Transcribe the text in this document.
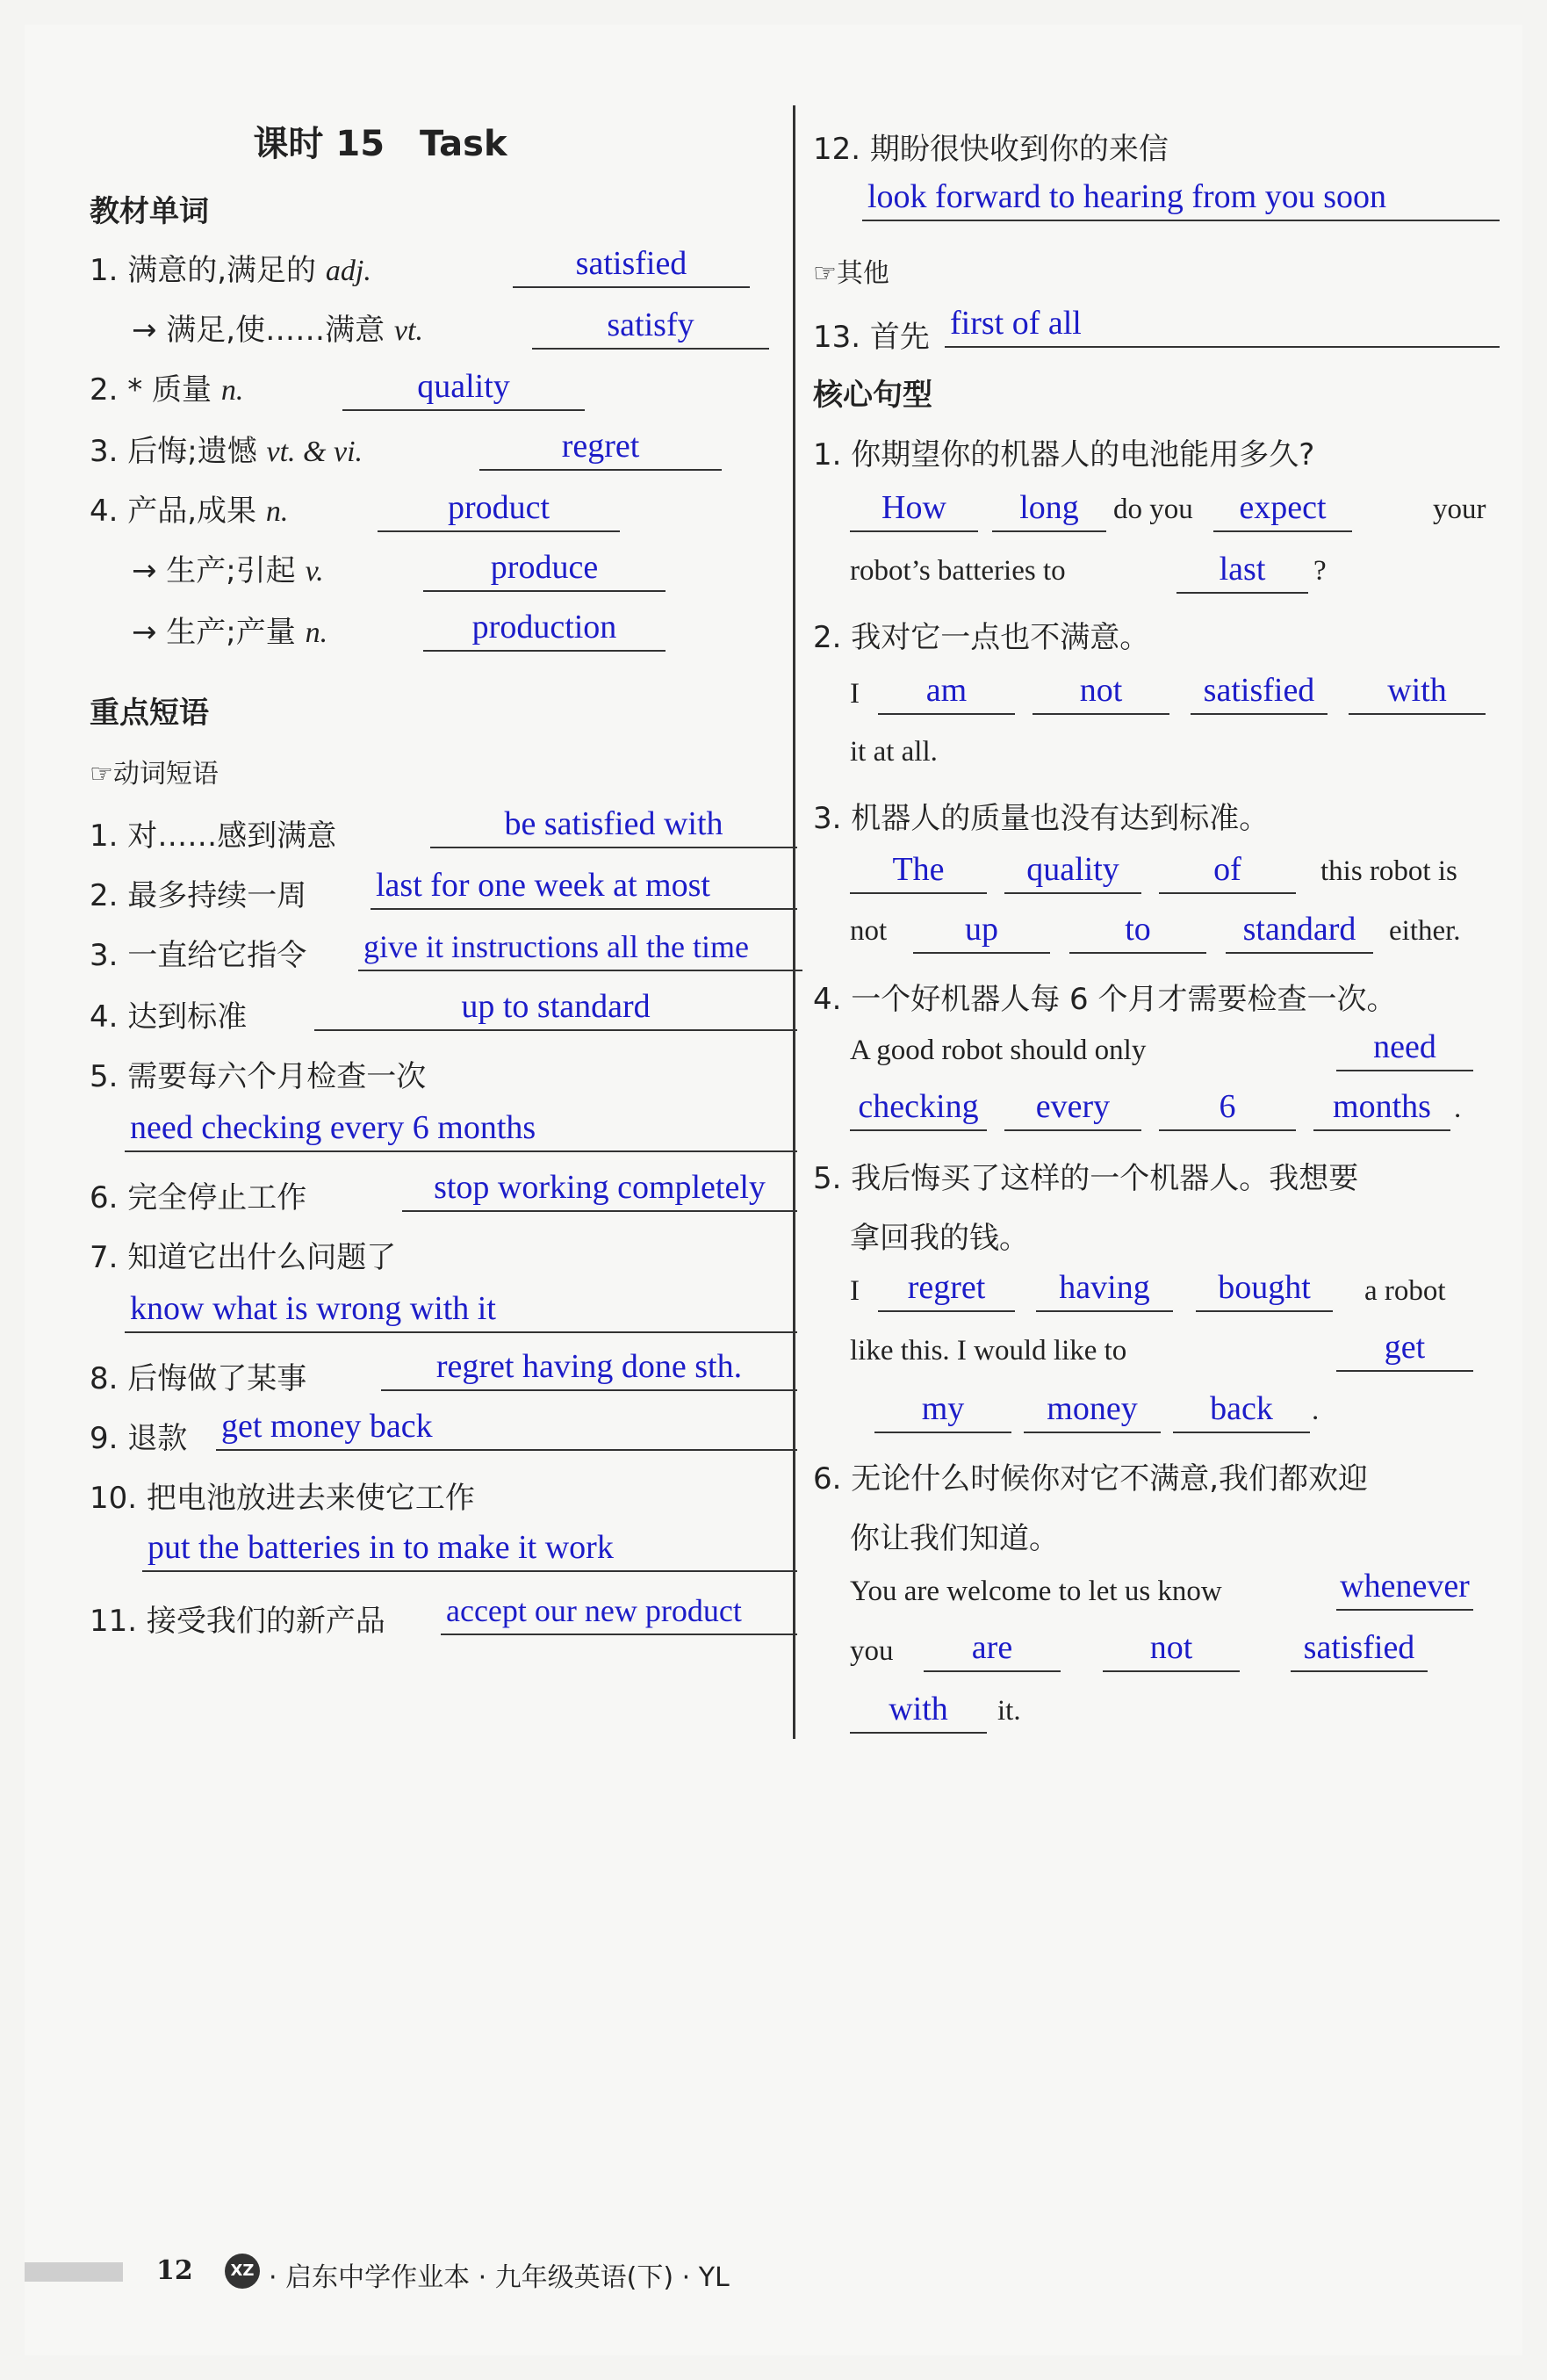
课时 15　Task
教材单词
1. 满意的,满足的 adj.	satisfied
→ 满足,使……满意 vt.	satisfy
2. * 质量 n.	quality
3. 后悔;遗憾 vt. & vi.	regret
4. 产品,成果 n.	product
→ 生产;引起 v.	produce
→ 生产;产量 n.	production
重点短语
☞动词短语
1. 对……感到满意	be satisfied with
2. 最多持续一周 last for one week at most
3. 一直给它指令 give it instructions all the time
4. 达到标准	up to standard
5. 需要每六个月检查一次
need checking every 6 months
6. 完全停止工作	stop working completely
7. 知道它出什么问题了
know what is wrong with it
8. 后悔做了某事	regret having done sth.
9. 退款 get money back
10. 把电池放进去来使它工作
put the batteries in to make it work
11. 接受我们的新产品 accept our new product
12. 期盼很快收到你的来信
look forward to hearing from you soon
☞其他
13. 首先 first of all
核心句型
1. 你期望你的机器人的电池能用多久?
How	long	do you	expect	your
robot’s batteries to	last	?
2. 我对它一点也不满意。
I	am	not	satisfied	with
it at all.
3. 机器人的质量也没有达到标准。
The	quality	of	this robot is
not	up	to	standard	either.
4. 一个好机器人每 6 个月才需要检查一次。
A good robot should only	need
checking	every	6	months .
5. 我后悔买了这样的一个机器人。我想要
拿回我的钱。
I	regret	having	bought	a robot
like this. I would like to	get
my	money	back	.
6. 无论什么时候你对它不满意,我们都欢迎
你让我们知道。
You are welcome to let us know	whenever
you	are	not	satisfied
with	it.
12	XZ · 启东中学作业本 · 九年级英语(下) · YL
